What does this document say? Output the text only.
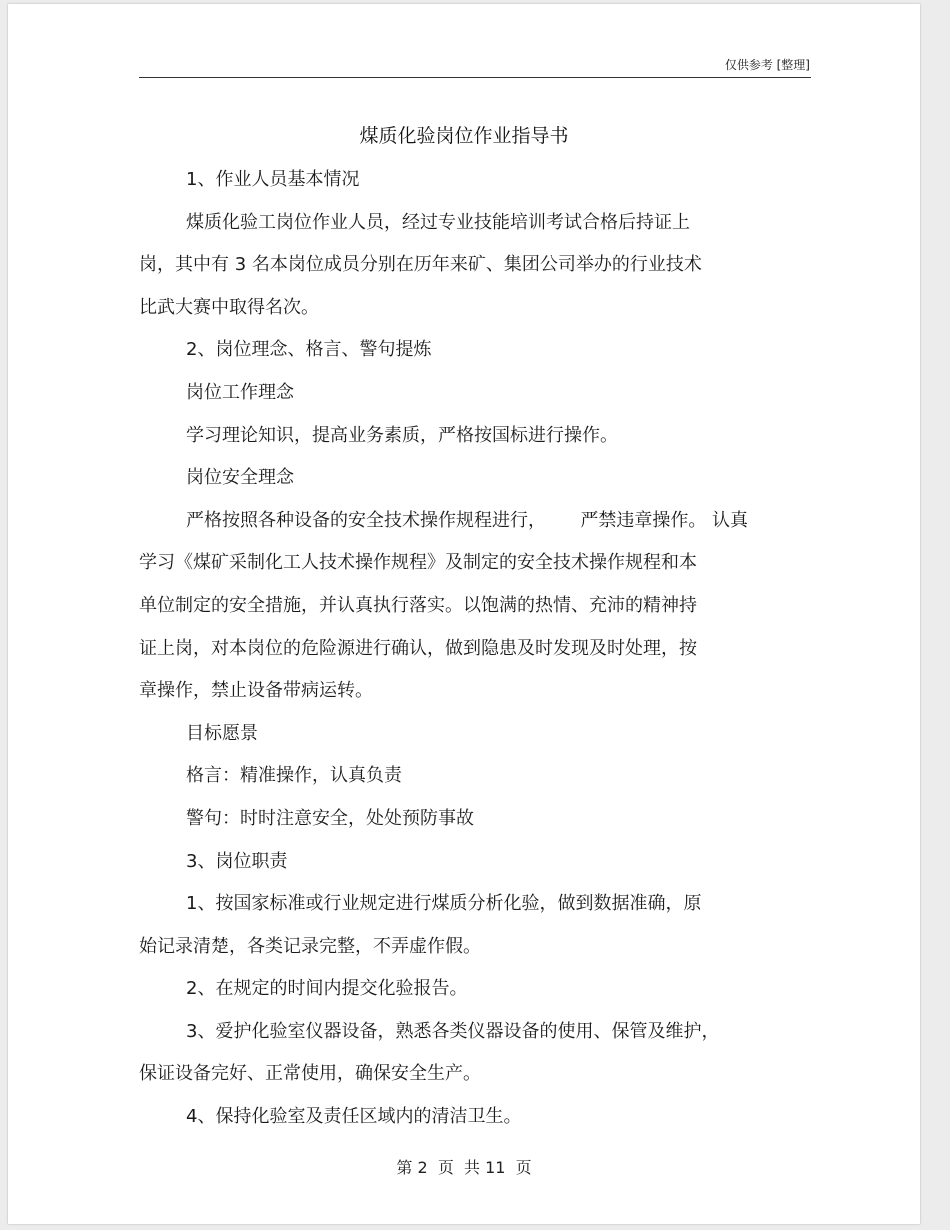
仅供参考 [整理]
煤质化验岗位作业指导书
1、作业人员基本情况
煤质化验工岗位作业人员，经过专业技能培训考试合格后持证上
岗，其中有 3 名本岗位成员分别在历年来矿、集团公司举办的行业技术
比武大赛中取得名次。
2、岗位理念、格言、警句提炼
岗位工作理念
学习理论知识，提高业务素质，严格按国标进行操作。
岗位安全理念
严格按照各种设备的安全技术操作规程进行，      严禁违章操作。 认真
学习《煤矿采制化工人技术操作规程》及制定的安全技术操作规程和本
单位制定的安全措施，并认真执行落实。以饱满的热情、充沛的精神持
证上岗，对本岗位的危险源进行确认，做到隐患及时发现及时处理，按
章操作，禁止设备带病运转。
目标愿景
格言：精准操作，认真负责
警句：时时注意安全，处处预防事故
3、岗位职责
1、按国家标准或行业规定进行煤质分析化验，做到数据准确，原
始记录清楚，各类记录完整，不弄虚作假。
2、在规定的时间内提交化验报告。
3、爱护化验室仪器设备，熟悉各类仪器设备的使用、保管及维护，
保证设备完好、正常使用，确保安全生产。
4、保持化验室及责任区域内的清洁卫生。
第 2  页  共 11  页
